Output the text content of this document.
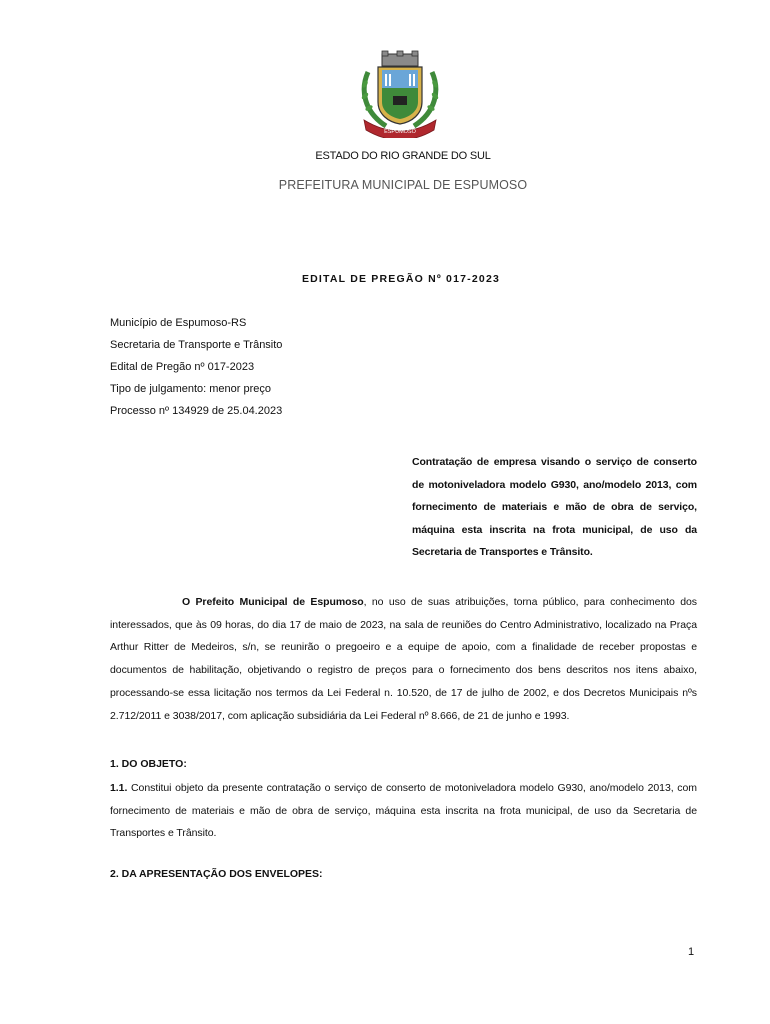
ESPUMOSO
ESTADO DO RIO GRANDE DO SUL
PREFEITURA MUNICIPAL DE ESPUMOSO
EDITAL DE PREGÃO Nº 017-2023
Município de Espumoso-RS
Secretaria de Transporte e Trânsito
Edital de Pregão nº 017-2023
Tipo de julgamento: menor preço
Processo nº 134929 de 25.04.2023
Contratação de empresa visando o serviço de conserto de motoniveladora modelo G930, ano/modelo 2013, com fornecimento de materiais e mão de obra de serviço, máquina esta inscrita na frota municipal, de uso da Secretaria de Transportes e Trânsito.

O Prefeito Municipal de Espumoso, no uso de suas atribuições, torna público, para conhecimento dos interessados, que às 09 horas, do dia 17 de maio de 2023, na sala de reuniões do Centro Administrativo, localizado na Praça Arthur Ritter de Medeiros, s/n, se reunirão o pregoeiro e a equipe de apoio, com a finalidade de receber propostas e documentos de habilitação, objetivando o registro de preços para o fornecimento dos bens descritos nos itens abaixo, processando-se essa licitação nos termos da Lei Federal n. 10.520, de 17 de julho de 2002, e dos Decretos Municipais nºs 2.712/2011 e 3038/2017, com aplicação subsidiária da Lei Federal nº 8.666, de 21 de junho e 1993.

1. DO OBJETO:

1.1. Constitui objeto da presente contratação o serviço de conserto de motoniveladora modelo G930, ano/modelo 2013, com fornecimento de materiais e mão de obra de serviço, máquina esta inscrita na frota municipal, de uso da Secretaria de Transportes e Trânsito.

2. DA APRESENTAÇÃO DOS ENVELOPES:
1
